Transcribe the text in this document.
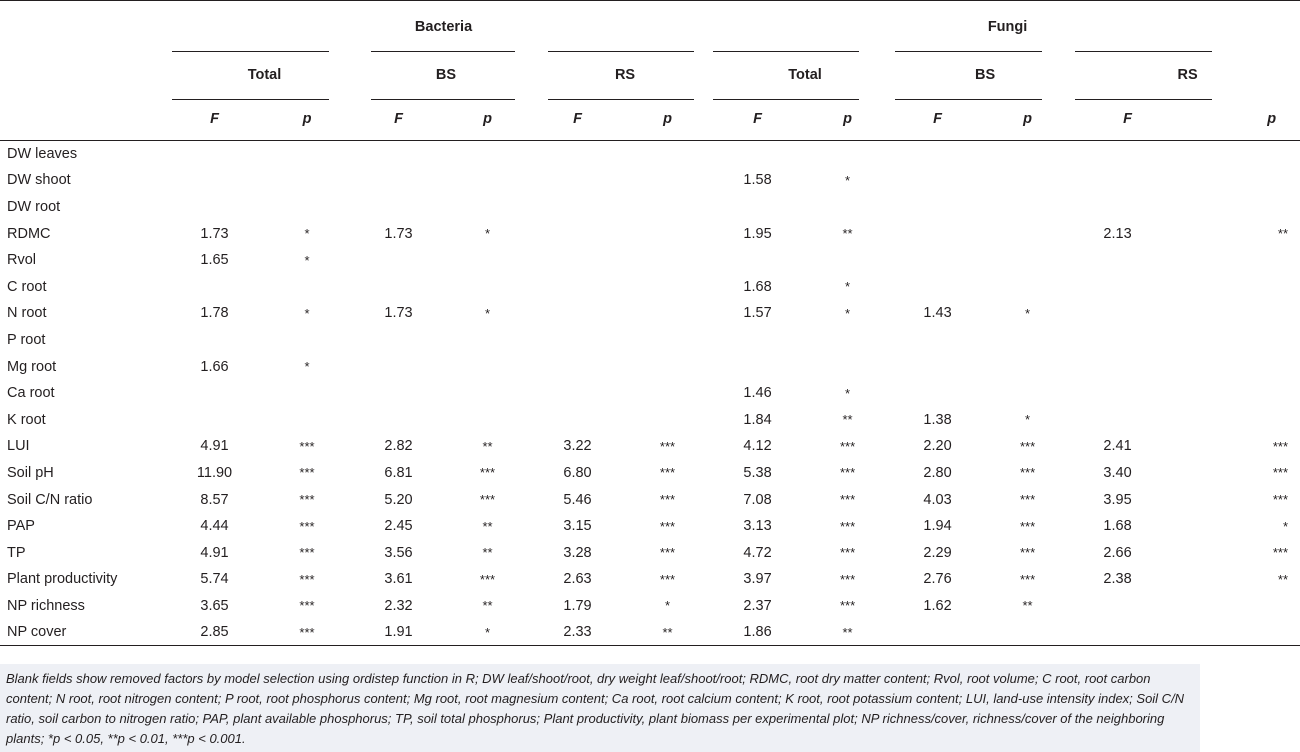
	Bacteria						Fungi					

Total		BS		RS		Total		BS		RS	

F p		F p		F p		F p		F p		F p	
DW leaves												
DW shoot							1.58	*				
DW root												
RDMC	1.73	*	1.73	*			1.95	**			2.13	**
Rvol	1.65	*										
C root							1.68	*				
N root	1.78	*	1.73	*			1.57	*	1.43	*		
P root												
Mg root	1.66	*										
Ca root							1.46	*				
K root							1.84	**	1.38	*		
LUI	4.91	***	2.82	**	3.22	***	4.12	***	2.20	***	2.41	***
Soil pH	11.90	***	6.81	***	6.80	***	5.38	***	2.80	***	3.40	***
Soil C/N ratio	8.57	***	5.20	***	5.46	***	7.08	***	4.03	***	3.95	***
PAP	4.44	***	2.45	**	3.15	***	3.13	***	1.94	***	1.68	*
TP	4.91	***	3.56	**	3.28	***	4.72	***	2.29	***	2.66	***
Plant productivity	5.74	***	3.61	***	2.63	***	3.97	***	2.76	***	2.38	**
NP richness	3.65	***	2.32	**	1.79	*	2.37	***	1.62	**		
NP cover	2.85	***	1.91	*	2.33	**	1.86	**				
Blank fields show removed factors by model selection using ordistep function in R; DW leaf/shoot/root, dry weight leaf/shoot/root; RDMC, root dry matter content; Rvol, root volume; C root, root carbon content; N root, root nitrogen content; P root, root phosphorus content; Mg root, root magnesium content; Ca root, root calcium content; K root, root potassium content; LUI, land-use intensity index; Soil C/N ratio, soil carbon to nitrogen ratio; PAP, plant available phosphorus; TP, soil total phosphorus; Plant productivity, plant biomass per experimental plot; NP richness/cover, richness/cover of the neighboring plants; *p < 0.05, **p < 0.01, ***p < 0.001.
